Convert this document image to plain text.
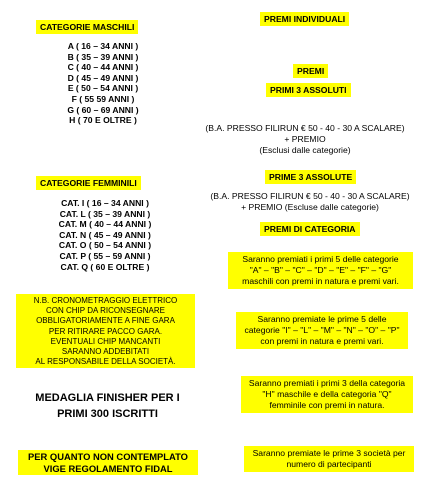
CATEGORIE MASCHILI
A ( 16 – 34 ANNI )
B ( 35 – 39 ANNI )
C ( 40 – 44 ANNI )
D ( 45 – 49 ANNI )
E ( 50 – 54 ANNI )
F ( 55 59 ANNI )
G ( 60 – 69 ANNI )
H ( 70 E OLTRE )
CATEGORIE FEMMINILI
CAT. I ( 16 – 34 ANNI )
CAT. L ( 35 – 39 ANNI )
CAT. M ( 40 – 44 ANNI )
CAT. N ( 45 – 49 ANNI )
CAT. O ( 50 – 54 ANNI )
CAT. P ( 55 – 59 ANNI )
CAT. Q ( 60 E OLTRE )
N.B. CRONOMETRAGGIO ELETTRICO
CON CHIP DA RICONSEGNARE
OBBLIGATORIAMENTE A FINE GARA
PER RITIRARE PACCO GARA.
EVENTUALI CHIP MANCANTI
SARANNO ADDEBITATI
AL RESPONSABILE DELLA SOCIETÀ.
MEDAGLIA FINISHER PER I
PRIMI 300 ISCRITTI
PER QUANTO NON CONTEMPLATO
VIGE REGOLAMENTO FIDAL
PREMI INDIVIDUALI
PREMI
PRIMI 3 ASSOLUTI
(B.A. PRESSO FILIRUN € 50 - 40 - 30 A SCALARE)
+ PREMIO
(Esclusi dalle categorie)
PRIME 3 ASSOLUTE
(B.A. PRESSO FILIRUN € 50 - 40 - 30 A SCALARE)
+ PREMIO (Escluse dalle categorie)
PREMI DI CATEGORIA
Saranno premiati i primi 5 delle categorie
"A" – "B" – "C" – "D" – "E" – "F" – "G"
maschili con premi in natura e premi vari.
Saranno premiate le prime 5 delle
categorie "I" – "L" – "M" – "N" – "O" – "P"
con premi in natura e premi vari.
Saranno premiati i primi 3 della categoria
"H" maschile e della categoria "Q"
femminile con premi in natura.
Saranno premiate le prime 3 società per
numero di partecipanti
